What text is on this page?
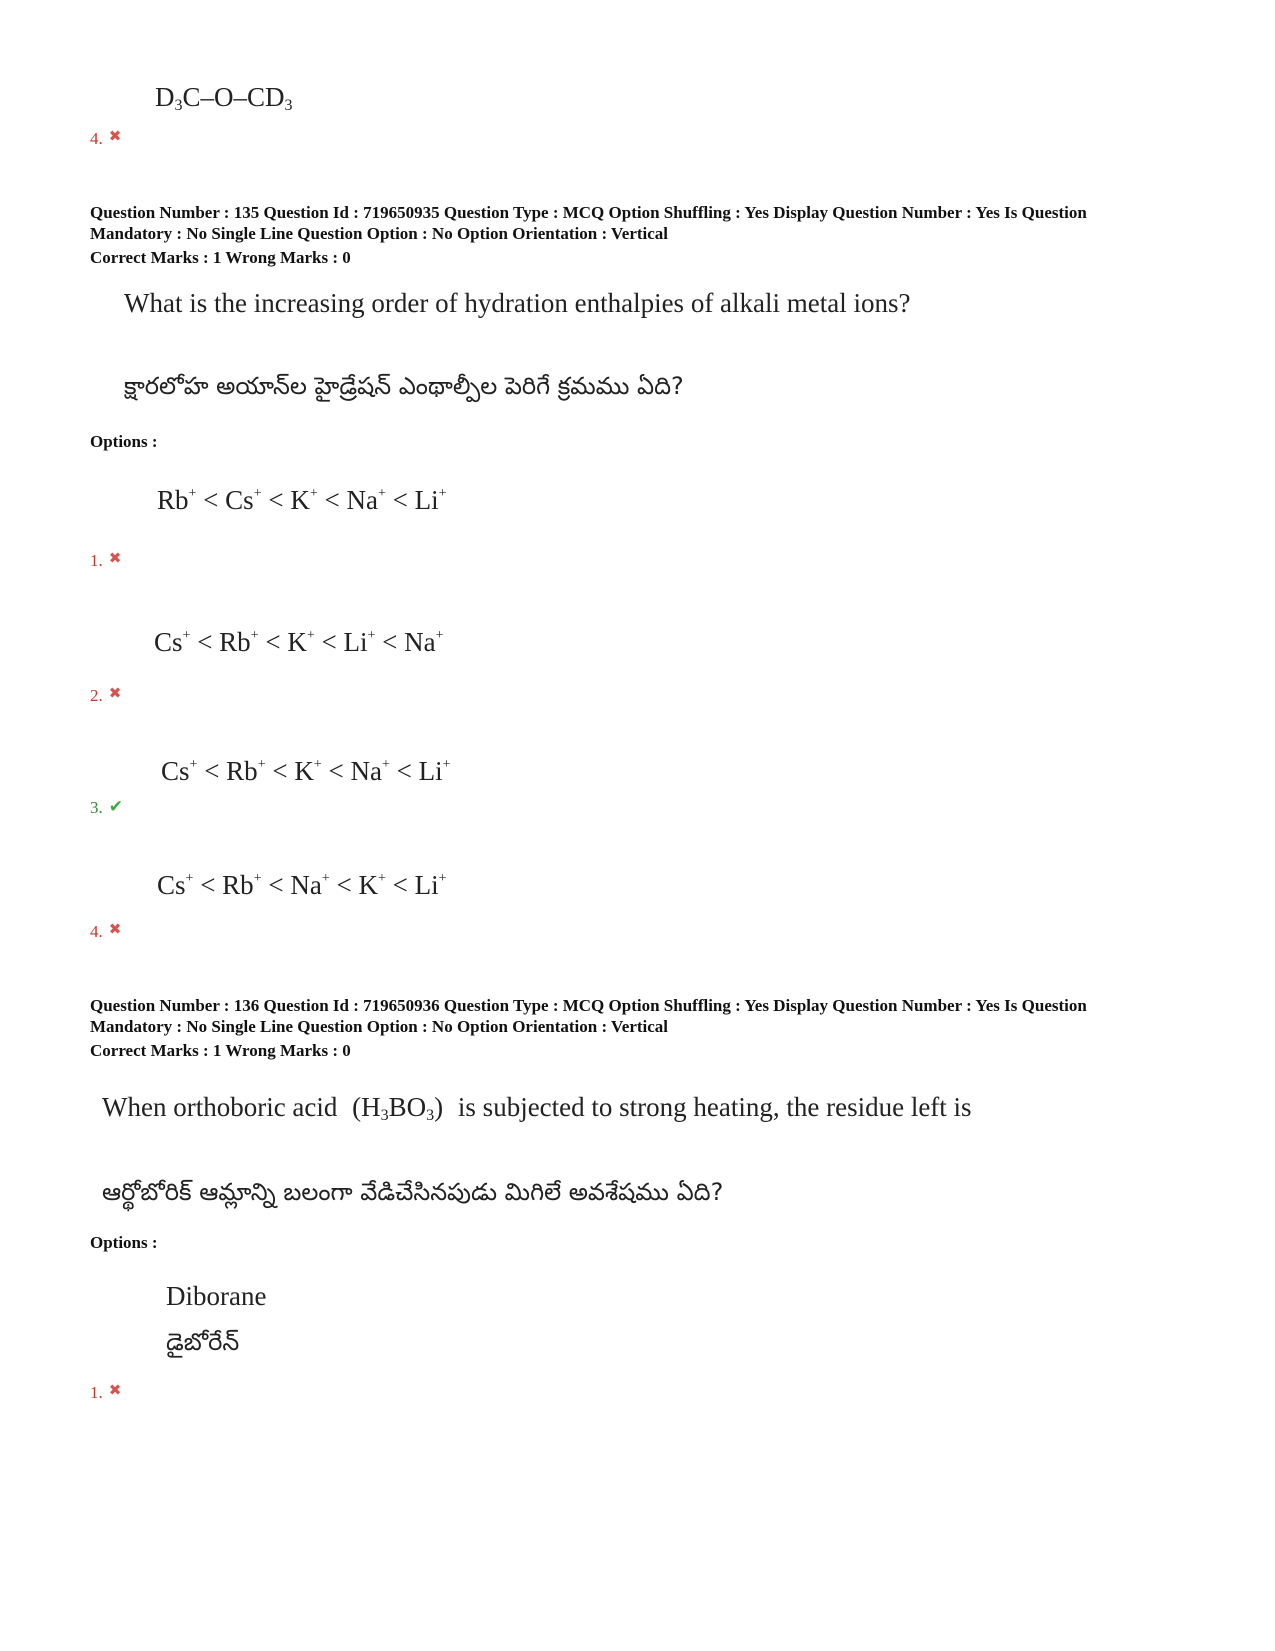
$D_3C-O-CD_3$
4. ✖
Question Number : 135 Question Id : 719650935 Question Type : MCQ Option Shuffling : Yes Display Question Number : Yes Is Question
Mandatory : No Single Line Question Option : No Option Orientation : Vertical
Correct Marks : 1 Wrong Marks : 0
What is the increasing order of hydration enthalpies of alkali metal ions?
క్షారలోహ అయాన్‌ల హైడ్రేషన్ ఎంథాల్పీల పెరిగే క్రమము ఏది?
Options :
Rb+ < Cs+ < K+ < Na+ < Li+
1. ✖
Cs+ < Rb+ < K+ < Li+ < Na+
2. ✖
Cs+ < Rb+ < K+ < Na+ < Li+
3. ✔
Cs+ < Rb+ < Na+ < K+ < Li+
4. ✖
Question Number : 136 Question Id : 719650936 Question Type : MCQ Option Shuffling : Yes Display Question Number : Yes Is Question
Mandatory : No Single Line Question Option : No Option Orientation : Vertical
Correct Marks : 1 Wrong Marks : 0
When orthoboric acid $(H_3BO_3)$ is subjected to strong heating, the residue left is
ఆర్థోబోరిక్ ఆమ్లాన్ని బలంగా వేడిచేసినపుడు మిగిలే అవశేషము ఏది?
Options :
Diborane
డైబోరేన్
1. ✖
